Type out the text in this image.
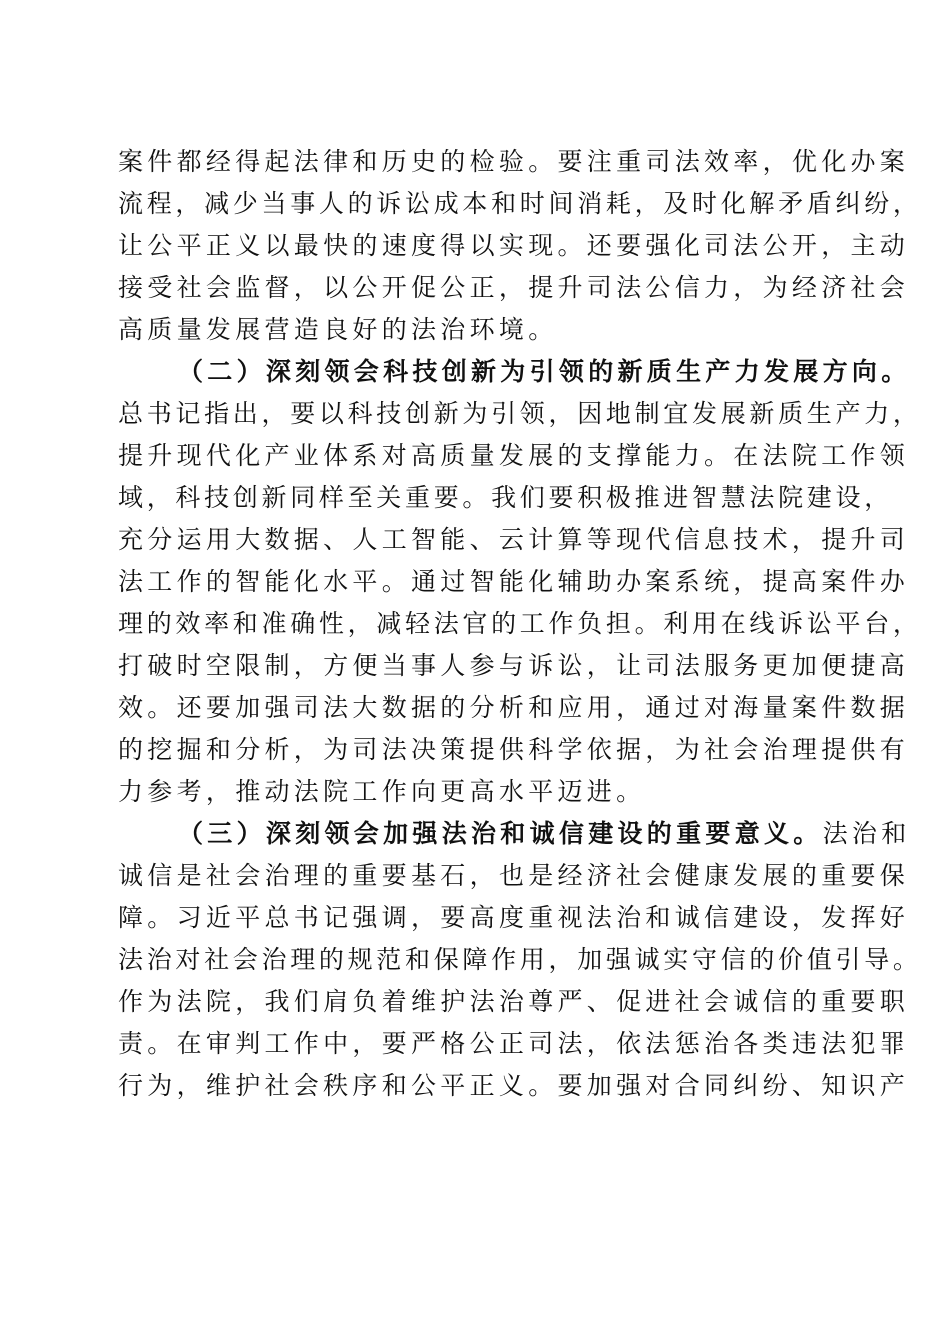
案件都经得起法律和历史的检验。要注重司法效率，优化办案
流程，减少当事人的诉讼成本和时间消耗，及时化解矛盾纠纷，
让公平正义以最快的速度得以实现。还要强化司法公开，主动
接受社会监督，以公开促公正，提升司法公信力，为经济社会
高质量发展营造良好的法治环境。
（二）深刻领会科技创新为引领的新质生产力发展方向。
总书记指出，要以科技创新为引领，因地制宜发展新质生产力，
提升现代化产业体系对高质量发展的支撑能力。在法院工作领
域，科技创新同样至关重要。我们要积极推进智慧法院建设，
充分运用大数据、人工智能、云计算等现代信息技术，提升司
法工作的智能化水平。通过智能化辅助办案系统，提高案件办
理的效率和准确性，减轻法官的工作负担。利用在线诉讼平台，
打破时空限制，方便当事人参与诉讼，让司法服务更加便捷高
效。还要加强司法大数据的分析和应用，通过对海量案件数据
的挖掘和分析，为司法决策提供科学依据，为社会治理提供有
力参考，推动法院工作向更高水平迈进。
（三）深刻领会加强法治和诚信建设的重要意义。法治和
诚信是社会治理的重要基石，也是经济社会健康发展的重要保
障。习近平总书记强调，要高度重视法治和诚信建设，发挥好
法治对社会治理的规范和保障作用，加强诚实守信的价值引导。
作为法院，我们肩负着维护法治尊严、促进社会诚信的重要职
责。在审判工作中，要严格公正司法，依法惩治各类违法犯罪
行为，维护社会秩序和公平正义。要加强对合同纠纷、知识产
